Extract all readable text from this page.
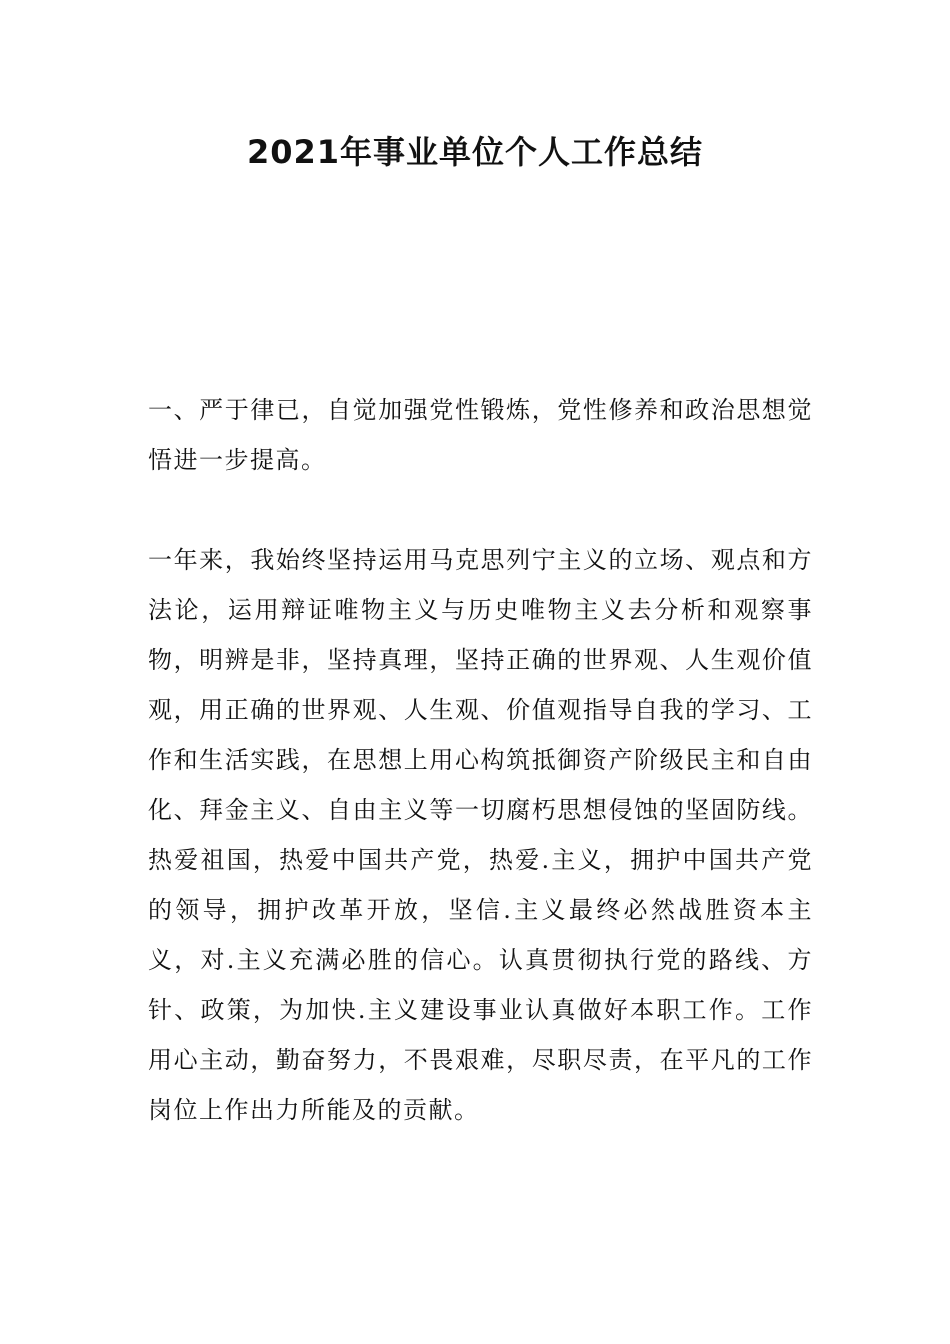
2021年事业单位个人工作总结

一、严于律已，自觉加强党性锻炼，党性修养和政治思想觉悟进一步提高。

一年来，我始终坚持运用马克思列宁主义的立场、观点和方法论，运用辩证唯物主义与历史唯物主义去分析和观察事物，明辨是非，坚持真理，坚持正确的世界观、人生观价值观，用正确的世界观、人生观、价值观指导自我的学习、工作和生活实践，在思想上用心构筑抵御资产阶级民主和自由化、拜金主义、自由主义等一切腐朽思想侵蚀的坚固防线。热爱祖国，热爱中国共产党，热爱.主义，拥护中国共产党的领导，拥护改革开放，坚信.主义最终必然战胜资本主义，对.主义充满必胜的信心。认真贯彻执行党的路线、方针、政策，为加快.主义建设事业认真做好本职工作。工作用心主动，勤奋努力，不畏艰难，尽职尽责，在平凡的工作岗位上作出力所能及的贡献。
